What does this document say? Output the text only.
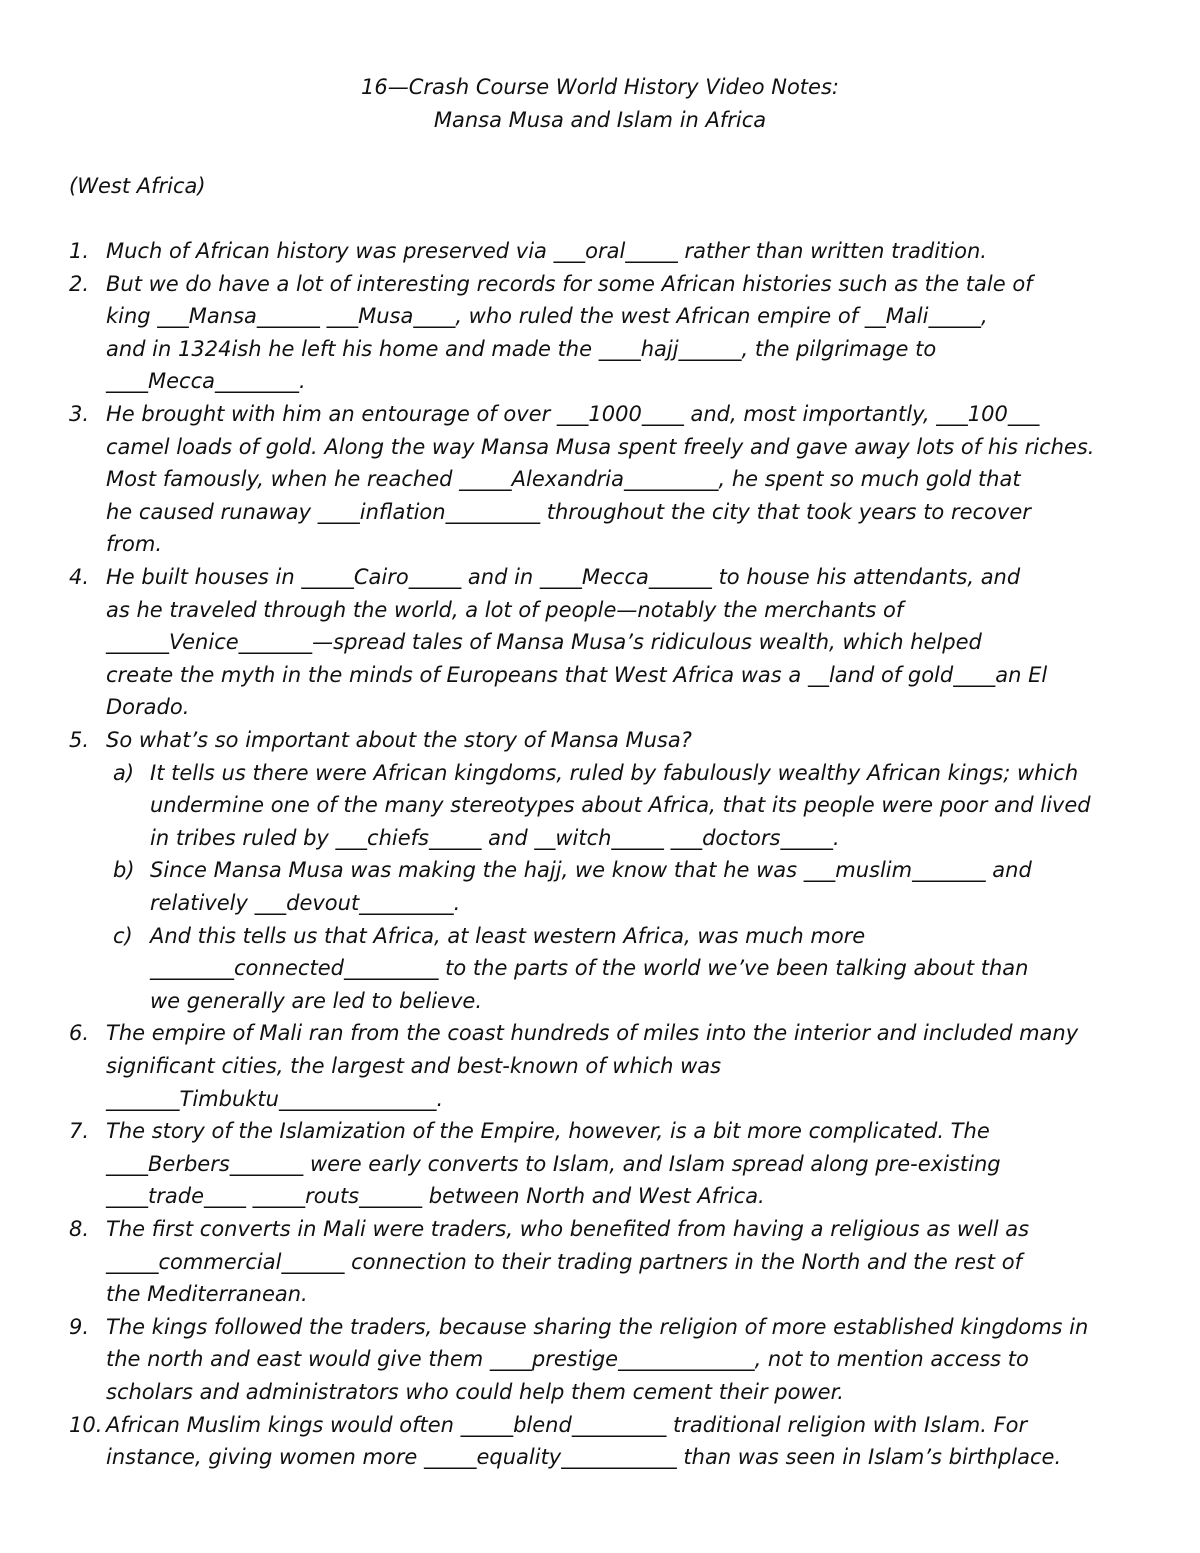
16—Crash Course World History Video Notes:
Mansa Musa and Islam in Africa
(West Africa)
1. Much of African history was preserved via ___oral_____ rather than written tradition.
2. But we do have a lot of interesting records for some African histories such as the tale of
king ___Mansa______ ___Musa____, who ruled the west African empire of __Mali_____,
and in 1324ish he left his home and made the ____hajj______, the pilgrimage to
____Mecca________.
3. He brought with him an entourage of over ___1000____ and, most importantly, ___100___
camel loads of gold. Along the way Mansa Musa spent freely and gave away lots of his riches.
Most famously, when he reached _____Alexandria_________, he spent so much gold that
he caused runaway ____inflation_________ throughout the city that took years to recover
from.
4. He built houses in _____Cairo_____ and in ____Mecca______ to house his attendants, and
as he traveled through the world, a lot of people—notably the merchants of
______Venice_______—spread tales of Mansa Musa’s ridiculous wealth, which helped
create the myth in the minds of Europeans that West Africa was a __land of gold____an El
Dorado.
5. So what’s so important about the story of Mansa Musa?
a) It tells us there were African kingdoms, ruled by fabulously wealthy African kings; which
undermine one of the many stereotypes about Africa, that its people were poor and lived
in tribes ruled by ___chiefs_____ and __witch_____ ___doctors_____.
b) Since Mansa Musa was making the hajj, we know that he was ___muslim_______ and
relatively ___devout_________.
c) And this tells us that Africa, at least western Africa, was much more
________connected_________ to the parts of the world we’ve been talking about than
we generally are led to believe.
6. The empire of Mali ran from the coast hundreds of miles into the interior and included many
significant cities, the largest and best-known of which was
_______Timbuktu_______________.
7. The story of the Islamization of the Empire, however, is a bit more complicated. The
____Berbers_______ were early converts to Islam, and Islam spread along pre-existing
____trade____ _____routs______ between North and West Africa.
8. The first converts in Mali were traders, who benefited from having a religious as well as
_____commercial______ connection to their trading partners in the North and the rest of
the Mediterranean.
9. The kings followed the traders, because sharing the religion of more established kingdoms in
the north and east would give them ____prestige_____________, not to mention access to
scholars and administrators who could help them cement their power.
10. African Muslim kings would often _____blend_________ traditional religion with Islam. For
instance, giving women more _____equality___________ than was seen in Islam’s birthplace.
